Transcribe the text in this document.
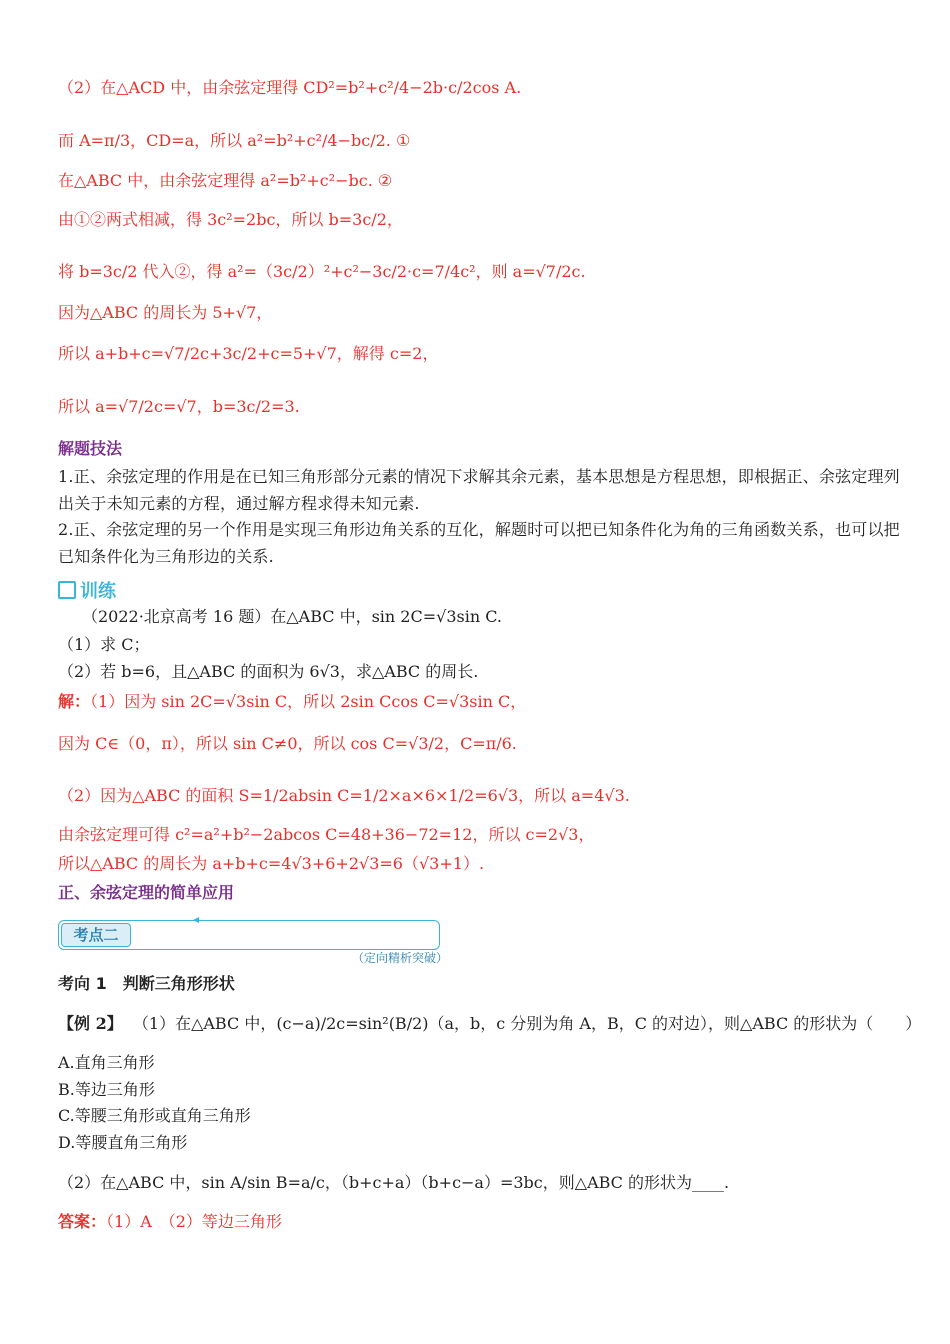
（2）在△ACD 中，由余弦定理得 CD²=b²+c²/4−2b·c/2cos A.
而 A=π/3，CD=a，所以 a²=b²+c²/4−bc/2. ①
在△ABC 中，由余弦定理得 a²=b²+c²−bc. ②
由①②两式相减，得 3c²=2bc，所以 b=3c/2，
将 b=3c/2 代入②，得 a²=（3c/2）²+c²−3c/2·c=7/4c²，则 a=√7/2c.
因为△ABC 的周长为 5+√7，
所以 a+b+c=√7/2c+3c/2+c=5+√7，解得 c=2，
所以 a=√7/2c=√7，b=3c/2=3.
解题技法
1.正、余弦定理的作用是在已知三角形部分元素的情况下求解其余元素，基本思想是方程思想，即根据正、余弦定理列出关于未知元素的方程，通过解方程求得未知元素.
2.正、余弦定理的另一个作用是实现三角形边角关系的互化，解题时可以把已知条件化为角的三角函数关系，也可以把已知条件化为三角形边的关系.
训练
（2022·北京高考 16 题）在△ABC 中，sin 2C=√3sin C.
（1）求 C；
（2）若 b=6，且△ABC 的面积为 6√3，求△ABC 的周长.
解：（1）因为 sin 2C=√3sin C，所以 2sin Ccos C=√3sin C，
因为 C∈（0，π），所以 sin C≠0，所以 cos C=√3/2，C=π/6.
（2）因为△ABC 的面积 S=1/2absin C=1/2×a×6×1/2=6√3，所以 a=4√3.
由余弦定理可得 c²=a²+b²−2abcos C=48+36−72=12，所以 c=2√3，
所以△ABC 的周长为 a+b+c=4√3+6+2√3=6（√3+1）.
正、余弦定理的简单应用
考点二
（定向精析突破）
考向 1　判断三角形形状
【例 2】 （1）在△ABC 中，(c−a)/2c=sin²(B/2)（a，b，c 分别为角 A，B，C 的对边），则△ABC 的形状为（　　）
A.直角三角形
B.等边三角形
C.等腰三角形或直角三角形
D.等腰直角三角形
（2）在△ABC 中，sin A/sin B=a/c，（b+c+a）（b+c−a）=3bc，则△ABC 的形状为____.
答案：（1）A　（2）等边三角形
